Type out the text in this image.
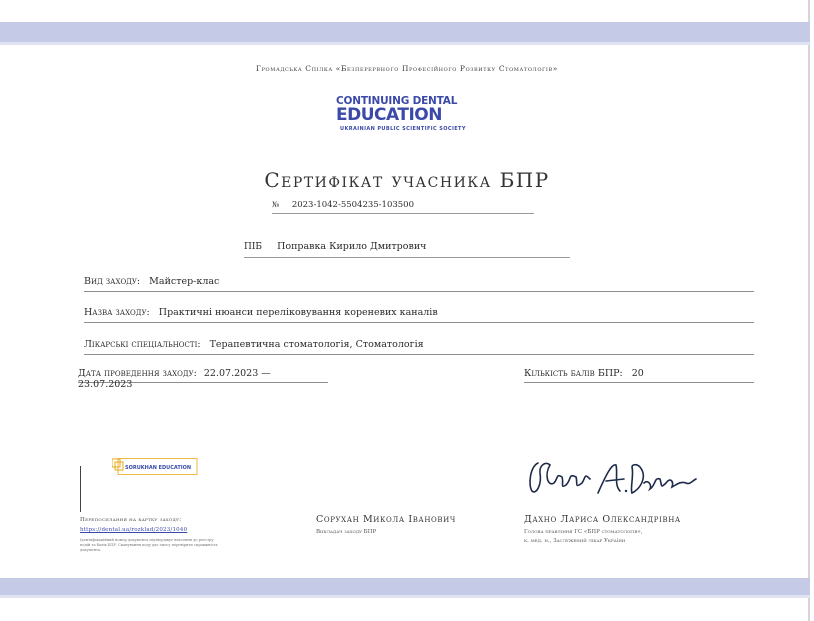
Громадська Спілка «Безперервного Професійного Розвитку Стоматологів»
CONTINUING DENTAL
EDUCATION
UKRAINIAN PUBLIC SCIENTIFIC SOCIETY
Сертифікат учасника БПР
№ 2023-1042-5504235-103500
ПІБ Поправка Кирило Дмитрович
Вид заходу: Майстер-клас
Назва заходу: Практичні нюанси переліковування кореневих каналів
Лікарські спеціальності: Терапевтична стоматологія, Стоматологія
Дата проведення заходу: 22.07.2023 — 23.07.2023
Кількість балів БПР: 20
SORUKHAN EDUCATION
Перепосилання на картку заходу:
https://dental.ua/rozklad/2023/1040
Ідентифікаційний номер документа підтверджує внесення до реєстру подій та балів БПР. Сканування коду дає змогу перевірити справжність документа.
Сорухан Микола Іванович
Викладач заходу БПР
Дахно Лариса Олександрівна
Голова правління ГС «БПР стоматологів»,
к. мед. н., Заслужений лікар України
